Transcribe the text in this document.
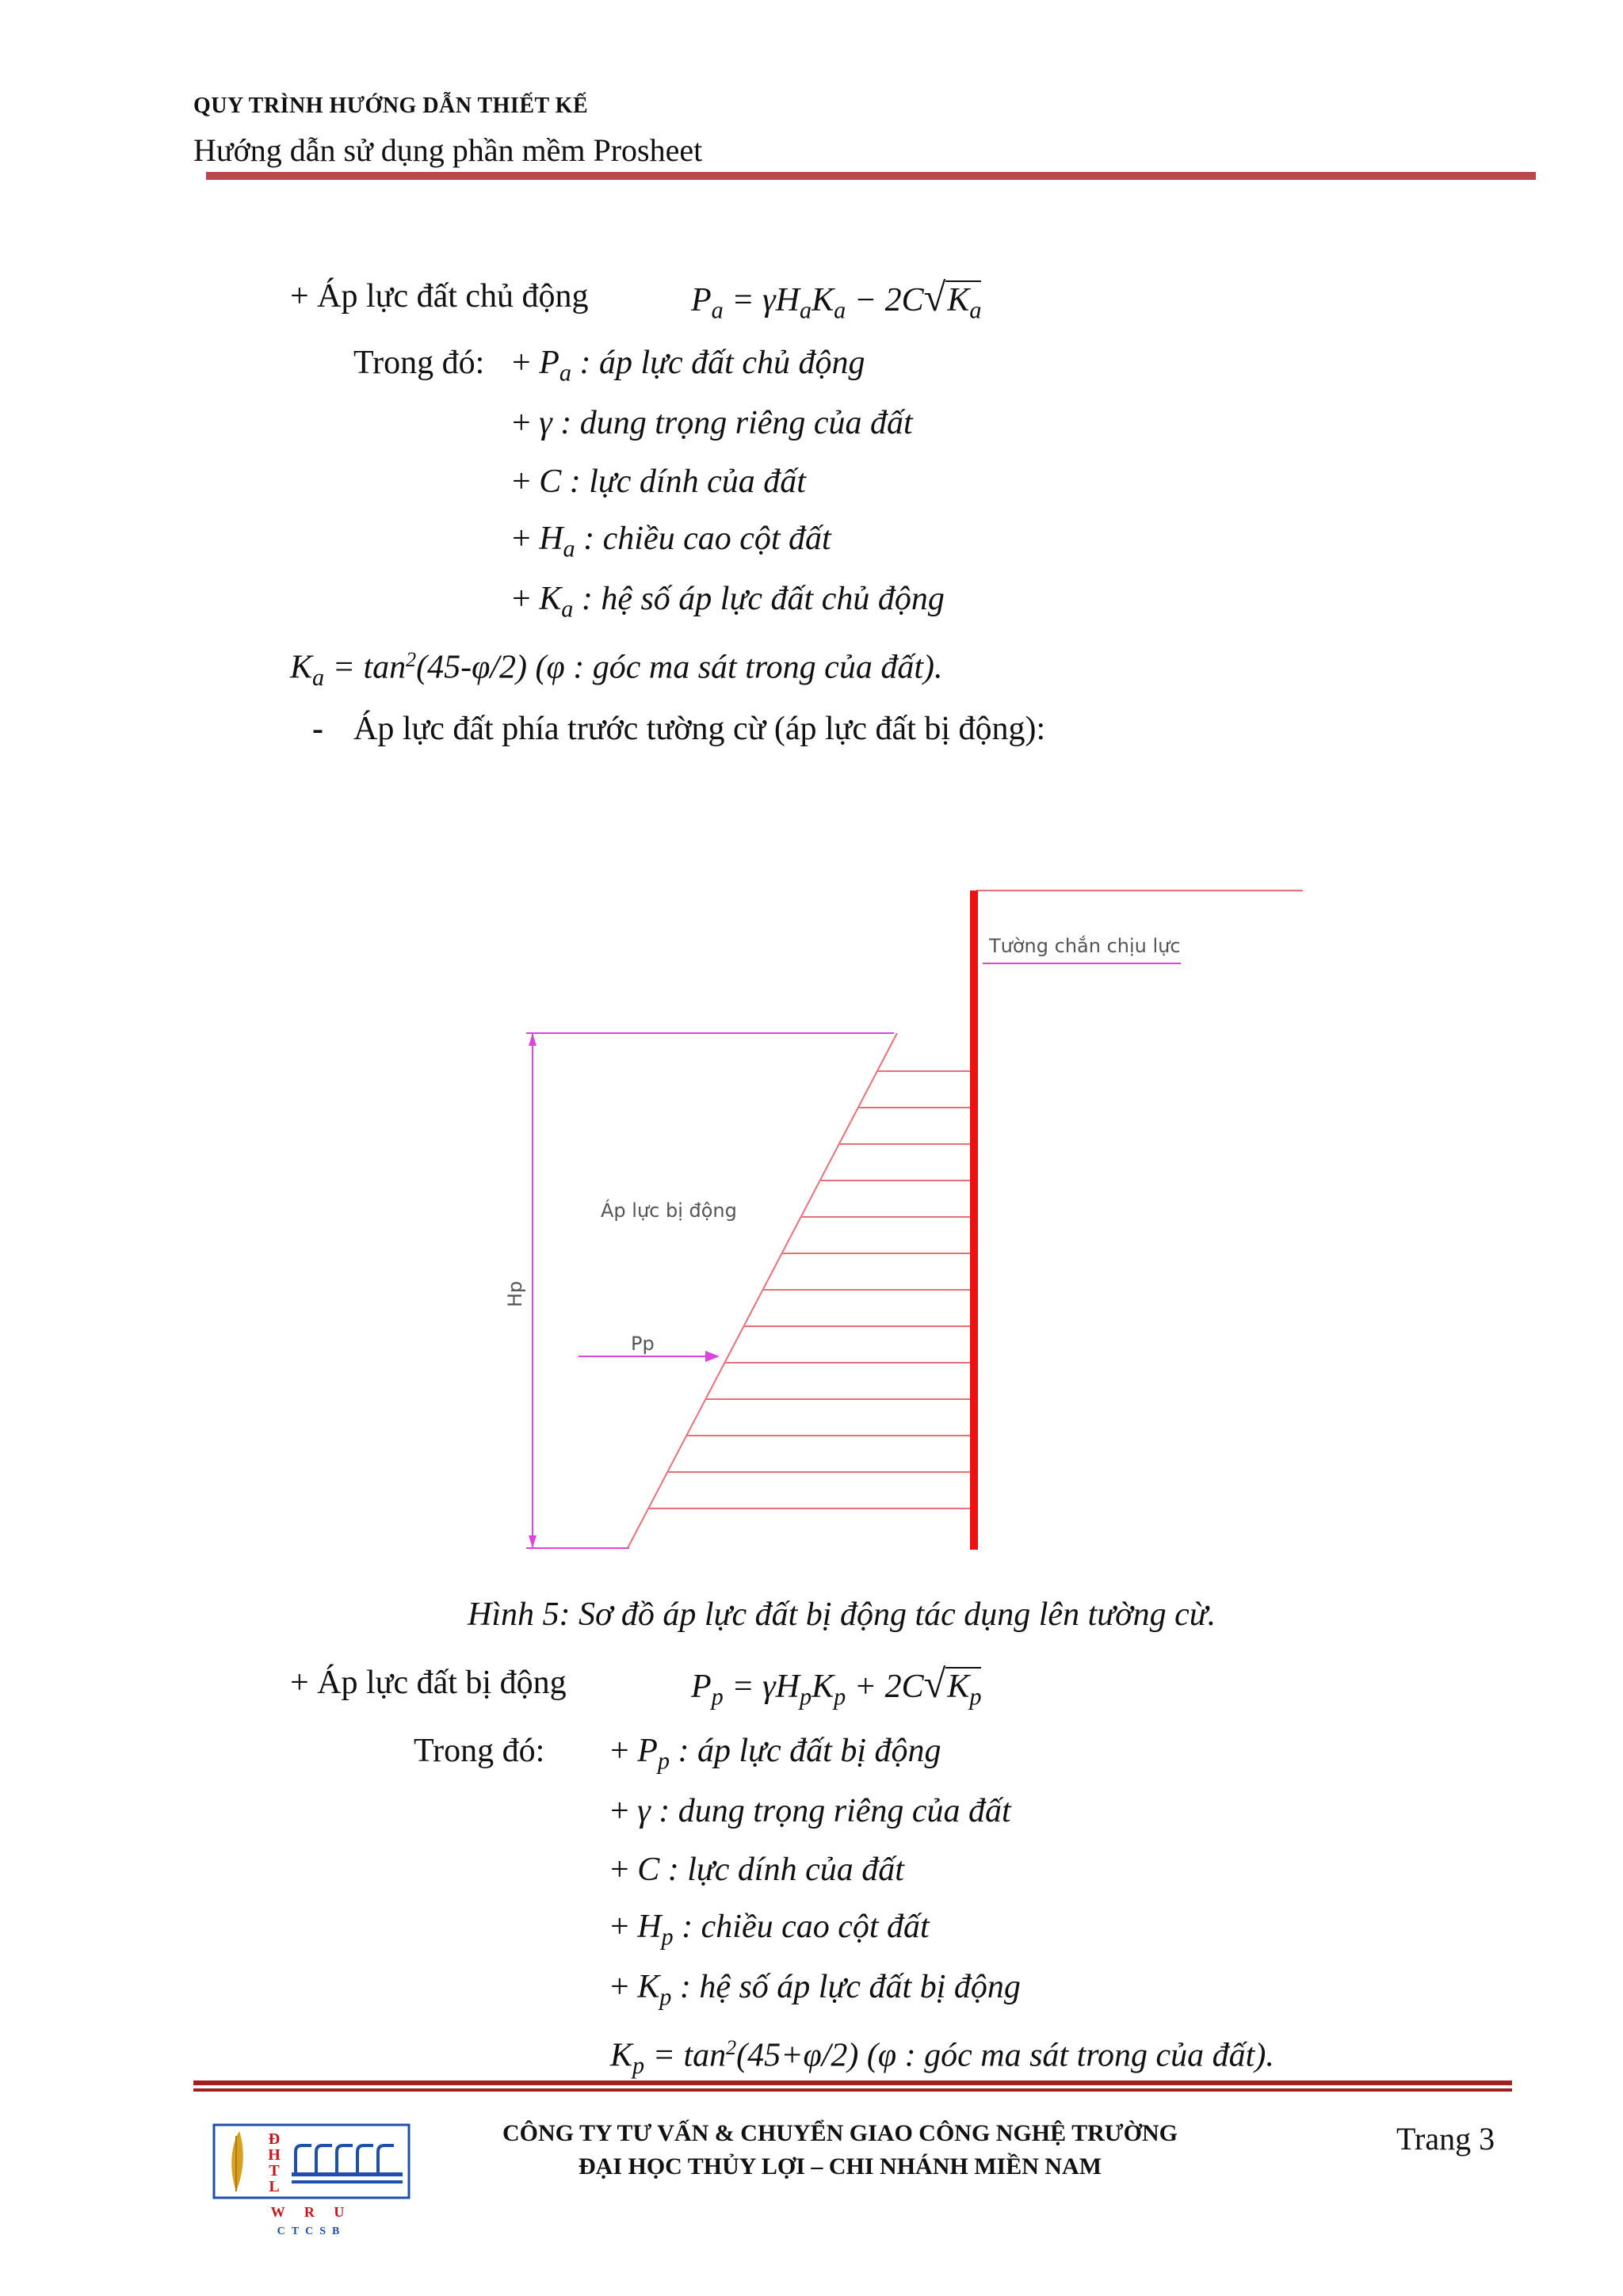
QUY TRÌNH HƯỚNG DẪN THIẾT KẾ
Hướng dẫn sử dụng phần mềm Prosheet
+ Áp lực đất chủ động	$P_a = \gamma H_aK_a - 2C√K_a$
Trong đó: + $P_a$ : áp lực đất chủ động
+ γ : dung trọng riêng của đất
+ C : lực dính của đất
+ $H_a$ : chiều cao cột đất
+ $K_a$ : hệ số áp lực đất chủ động
$K_a = \tan^2(45-\varphi/2)$ (φ : góc ma sát trong của đất).
- Áp lực đất phía trước tường cừ (áp lực đất bị động):
Tường chắn chịu lực
Áp lực bị động
Pp
Hp
Hình 5: Sơ đồ áp lực đất bị động tác dụng lên tường cừ.
+ Áp lực đất bị động	$P_p = \gamma H_pK_p + 2C√K_p$
Trong đó: + $P_p$ : áp lực đất bị động
+ γ : dung trọng riêng của đất
+ C : lực dính của đất
+ $H_p$ : chiều cao cột đất
+ $K_p$ : hệ số áp lực đất bị động
$K_p = \tan^2(45+\varphi/2)$ (φ : góc ma sát trong của đất).
Đ H T L
W R U
CTCSB
CÔNG TY TƯ VẤN & CHUYỂN GIAO CÔNG NGHỆ TRƯỜNG
ĐẠI HỌC THỦY LỢI – CHI NHÁNH MIỀN NAM
Trang 3
